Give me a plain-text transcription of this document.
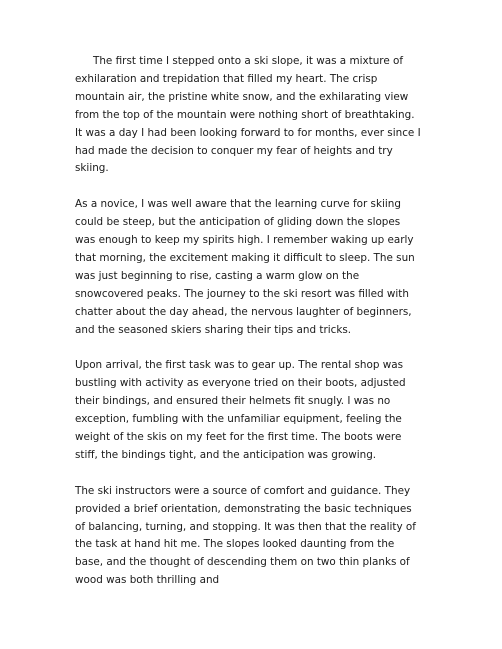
The first time I stepped onto a ski slope, it was a mixture of exhilaration and trepidation that filled my heart. The crisp mountain air, the pristine white snow, and the exhilarating view from the top of the mountain were nothing short of breathtaking. It was a day I had been looking forward to for months, ever since I had made the decision to conquer my fear of heights and try skiing.

As a novice, I was well aware that the learning curve for skiing could be steep, but the anticipation of gliding down the slopes was enough to keep my spirits high. I remember waking up early that morning, the excitement making it difficult to sleep. The sun was just beginning to rise, casting a warm glow on the snowcovered peaks. The journey to the ski resort was filled with chatter about the day ahead, the nervous laughter of beginners, and the seasoned skiers sharing their tips and tricks.

Upon arrival, the first task was to gear up. The rental shop was bustling with activity as everyone tried on their boots, adjusted their bindings, and ensured their helmets fit snugly. I was no exception, fumbling with the unfamiliar equipment, feeling the weight of the skis on my feet for the first time. The boots were stiff, the bindings tight, and the anticipation was growing.

The ski instructors were a source of comfort and guidance. They provided a brief orientation, demonstrating the basic techniques of balancing, turning, and stopping. It was then that the reality of the task at hand hit me. The slopes looked daunting from the base, and the thought of descending them on two thin planks of wood was both thrilling and
